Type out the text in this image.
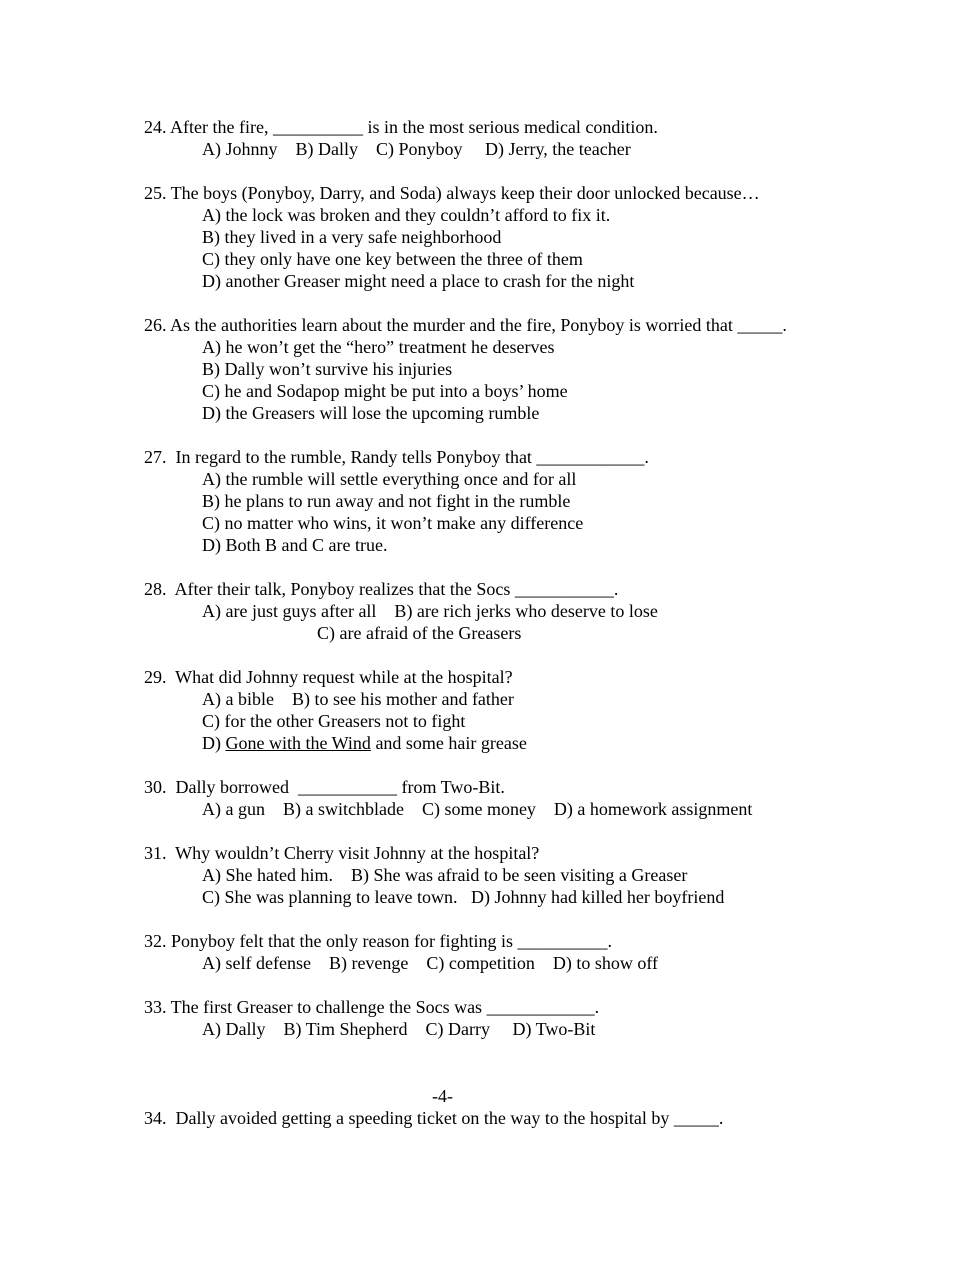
24. After the fire, __________ is in the most serious medical condition.
A) Johnny    B) Dally    C) Ponyboy     D) Jerry, the teacher
25. The boys (Ponyboy, Darry, and Soda) always keep their door unlocked because…
A) the lock was broken and they couldn’t afford to fix it.
B) they lived in a very safe neighborhood
C) they only have one key between the three of them
D) another Greaser might need a place to crash for the night
26. As the authorities learn about the murder and the fire, Ponyboy is worried that _____.
A) he won’t get the “hero” treatment he deserves
B) Dally won’t survive his injuries
C) he and Sodapop might be put into a boys’ home
D) the Greasers will lose the upcoming rumble
27.  In regard to the rumble, Randy tells Ponyboy that ____________.
A) the rumble will settle everything once and for all
B) he plans to run away and not fight in the rumble
C) no matter who wins, it won’t make any difference
D) Both B and C are true.
28.  After their talk, Ponyboy realizes that the Socs ___________.
A) are just guys after all    B) are rich jerks who deserve to lose
C) are afraid of the Greasers
29.  What did Johnny request while at the hospital?
A) a bible    B) to see his mother and father
C) for the other Greasers not to fight
D) Gone with the Wind and some hair grease
30.  Dally borrowed  ___________ from Two-Bit.
A) a gun    B) a switchblade    C) some money    D) a homework assignment
31.  Why wouldn’t Cherry visit Johnny at the hospital?
A) She hated him.    B) She was afraid to be seen visiting a Greaser
C) She was planning to leave town.   D) Johnny had killed her boyfriend
32. Ponyboy felt that the only reason for fighting is __________.
A) self defense    B) revenge    C) competition    D) to show off
33. The first Greaser to challenge the Socs was ____________.
A) Dally    B) Tim Shepherd    C) Darry     D) Two-Bit
-4-
34.  Dally avoided getting a speeding ticket on the way to the hospital by _____.
